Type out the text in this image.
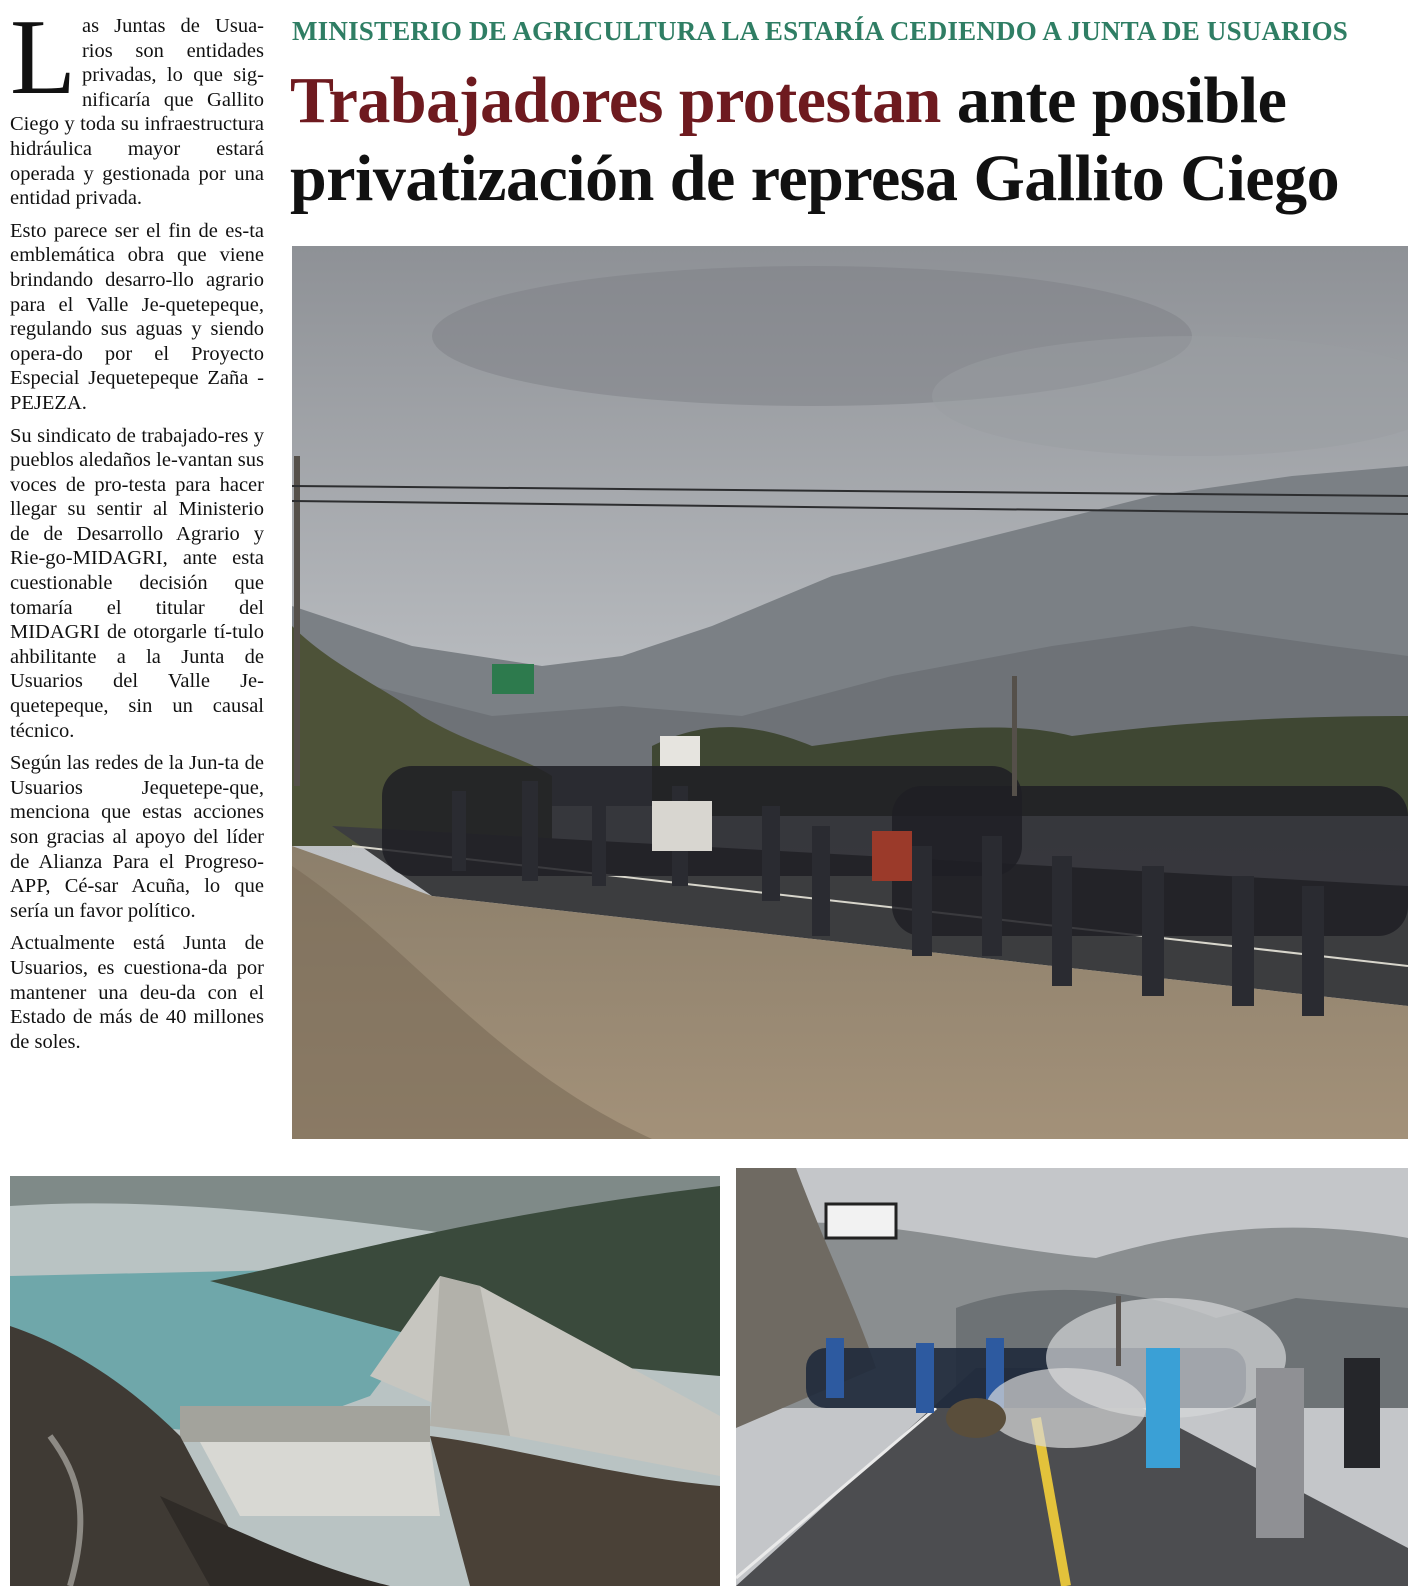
Las Juntas de Usua-rios son entidades privadas, lo que sig-nificaría que Gallito Ciego y toda su infraestructura hidráulica mayor estará operada y gestionada por una entidad privada.

Esto parece ser el fin de es-ta emblemática obra que viene brindando desarro-llo agrario para el Valle Je-quetepeque, regulando sus aguas y siendo opera-do por el Proyecto Especial Jequetepeque Zaña - PEJEZA.

Su sindicato de trabajado-res y pueblos aledaños le-vantan sus voces de pro-testa para hacer llegar su sentir al Ministerio de de Desarrollo Agrario y Rie-go-MIDAGRI, ante esta cuestionable decisión que tomaría el titular del MIDAGRI de otorgarle tí-tulo ahbilitante a la Junta de Usuarios del Valle Je-quetepeque, sin un causal técnico.

Según las redes de la Jun-ta de Usuarios Jequetepe-que, menciona que estas acciones son gracias al apoyo del líder de Alianza Para el Progreso- APP, Cé-sar Acuña, lo que sería un favor político.

Actualmente está Junta de Usuarios, es cuestiona-da por mantener una deu-da con el Estado de más de 40 millones de soles.

MINISTERIO DE AGRICULTURA LA ESTARÍA CEDIENDO A JUNTA DE USUARIOS
Trabajadores protestan ante posible privatización de represa Gallito Ciego
